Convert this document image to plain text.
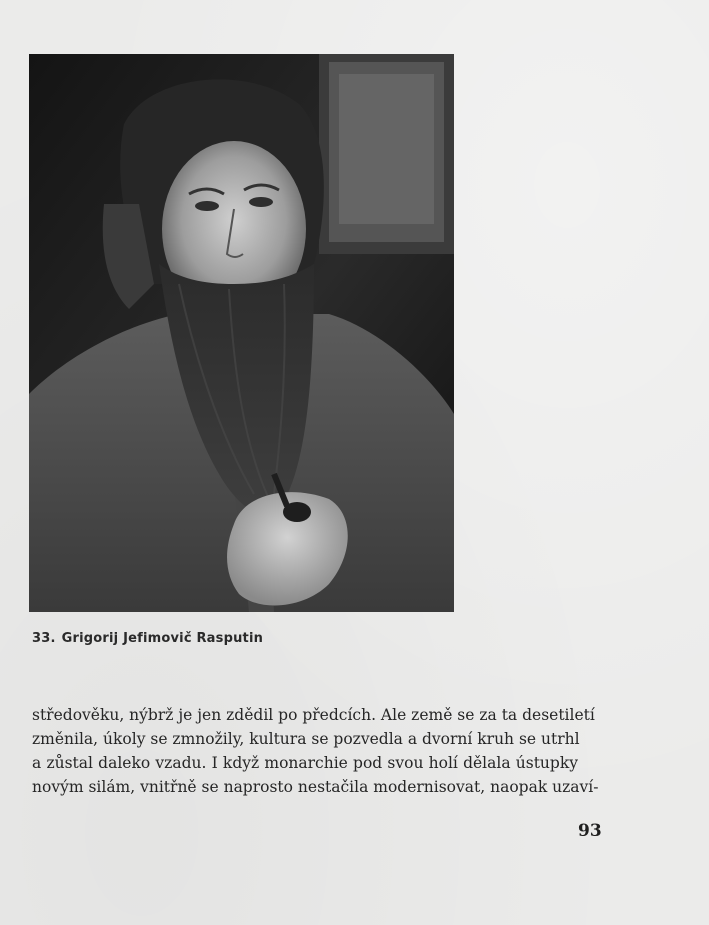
33. Grigorij Jefimovič Rasputin
středověku, nýbrž je jen zdědil po předcích. Ale země se za ta desetiletí
změnila, úkoly se zmnožily, kultura se pozvedla a dvorní kruh se utrhl
a zůstal daleko vzadu. I když monarchie pod svou holí dělala ústupky
novým silám, vnitřně se naprosto nestačila modernisovat, naopak uzaví-
93
